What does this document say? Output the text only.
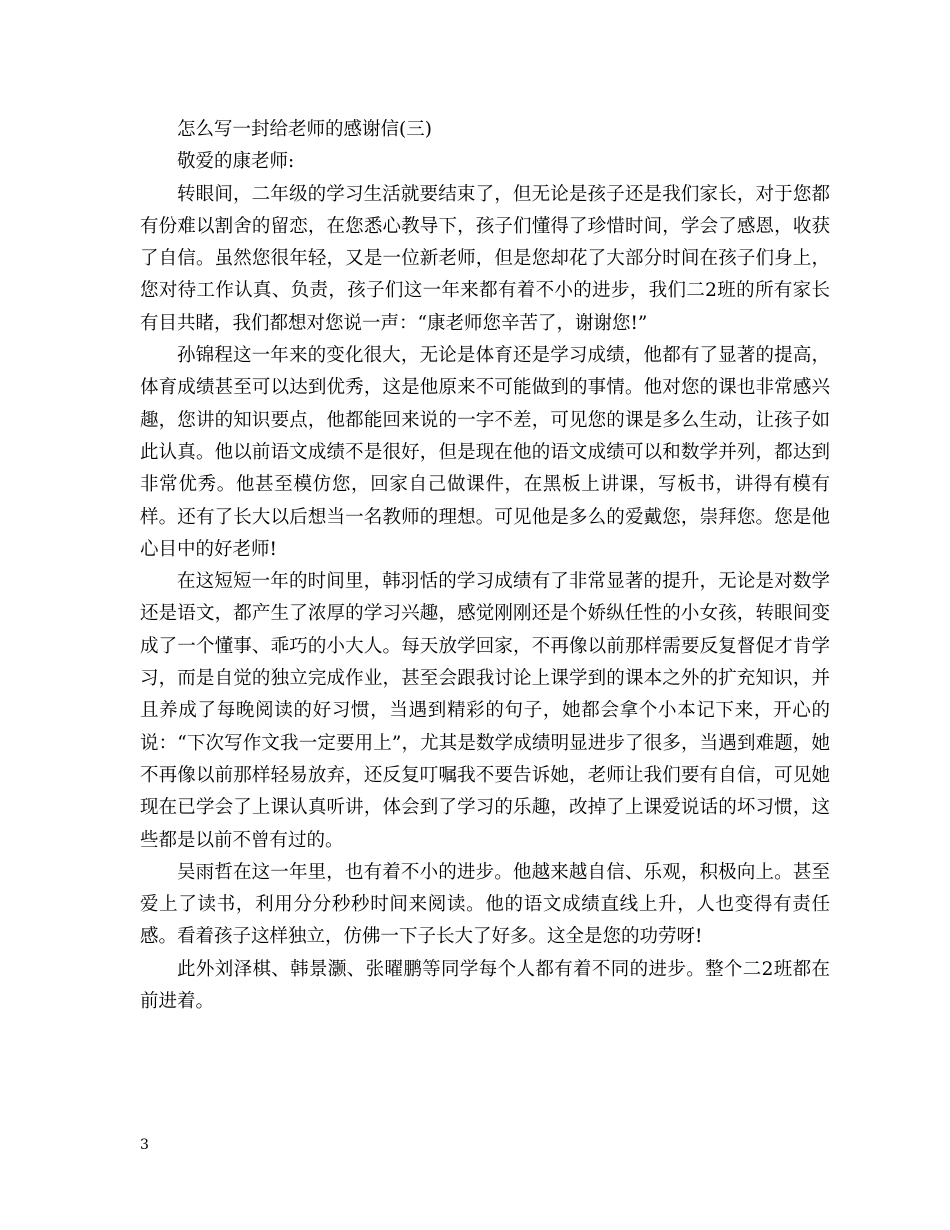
怎么写一封给老师的感谢信(三)
敬爱的康老师:

转眼间，二年级的学习生活就要结束了，但无论是孩子还是我们家长，对于您都有份难以割舍的留恋，在您悉心教导下，孩子们懂得了珍惜时间，学会了感恩，收获了自信。虽然您很年轻，又是一位新老师，但是您却花了大部分时间在孩子们身上，您对待工作认真、负责，孩子们这一年来都有着不小的进步，我们二2班的所有家长有目共睹，我们都想对您说一声：“康老师您辛苦了，谢谢您!”

孙锦程这一年来的变化很大，无论是体育还是学习成绩，他都有了显著的提高，体育成绩甚至可以达到优秀，这是他原来不可能做到的事情。他对您的课也非常感兴趣，您讲的知识要点，他都能回来说的一字不差，可见您的课是多么生动，让孩子如此认真。他以前语文成绩不是很好，但是现在他的语文成绩可以和数学并列，都达到非常优秀。他甚至模仿您，回家自己做课件，在黑板上讲课，写板书，讲得有模有样。还有了长大以后想当一名教师的理想。可见他是多么的爱戴您，崇拜您。您是他心目中的好老师!

在这短短一年的时间里，韩羽恬的学习成绩有了非常显著的提升，无论是对数学还是语文，都产生了浓厚的学习兴趣，感觉刚刚还是个娇纵任性的小女孩，转眼间变成了一个懂事、乖巧的小大人。每天放学回家，不再像以前那样需要反复督促才肯学习，而是自觉的独立完成作业，甚至会跟我讨论上课学到的课本之外的扩充知识，并且养成了每晚阅读的好习惯，当遇到精彩的句子，她都会拿个小本记下来，开心的说：“下次写作文我一定要用上”，尤其是数学成绩明显进步了很多，当遇到难题，她不再像以前那样轻易放弃，还反复叮嘱我不要告诉她，老师让我们要有自信，可见她现在已学会了上课认真听讲，体会到了学习的乐趣，改掉了上课爱说话的坏习惯，这些都是以前不曾有过的。

吴雨哲在这一年里，也有着不小的进步。他越来越自信、乐观，积极向上。甚至爱上了读书，利用分分秒秒时间来阅读。他的语文成绩直线上升，人也变得有责任感。看着孩子这样独立，仿佛一下子长大了好多。这全是您的功劳呀!

此外刘泽棋、韩景灏、张曜鹏等同学每个人都有着不同的进步。整个二2班都在前进着。

3
